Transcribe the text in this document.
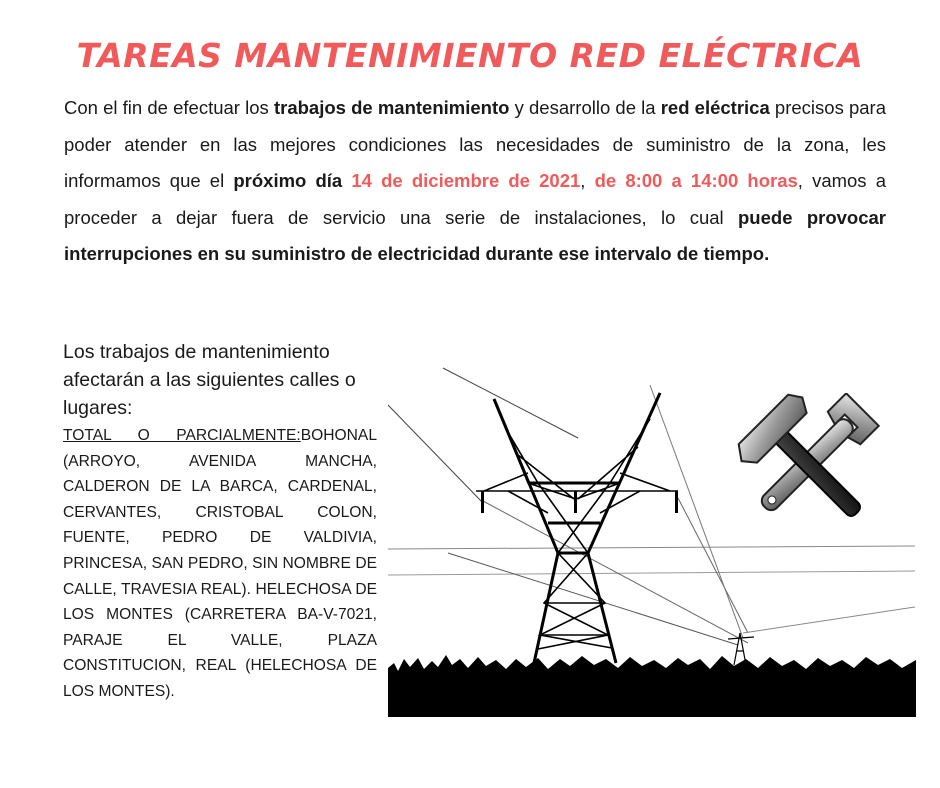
TAREAS MANTENIMIENTO RED ELÉCTRICA

Con el fin de efectuar los trabajos de mantenimiento y desarrollo de la red eléctrica precisos para poder atender en las mejores condiciones las necesidades de suministro de la zona, les informamos que el próximo día 14 de diciembre de 2021, de 8:00 a 14:00 horas, vamos a proceder a dejar fuera de servicio una serie de instalaciones, lo cual puede provocar interrupciones en su suministro de electricidad durante ese intervalo de tiempo.

Los trabajos de mantenimiento afectarán a las siguientes calles o lugares:

TOTAL O PARCIALMENTE:BOHONAL (ARROYO, AVENIDA MANCHA, CALDERON DE LA BARCA, CARDENAL, CERVANTES, CRISTOBAL COLON, FUENTE, PEDRO DE VALDIVIA, PRINCESA, SAN PEDRO, SIN NOMBRE DE CALLE, TRAVESIA REAL). HELECHOSA DE LOS MONTES (CARRETERA BA-V-7021, PARAJE EL VALLE, PLAZA CONSTITUCION, REAL (HELECHOSA DE LOS MONTES).
